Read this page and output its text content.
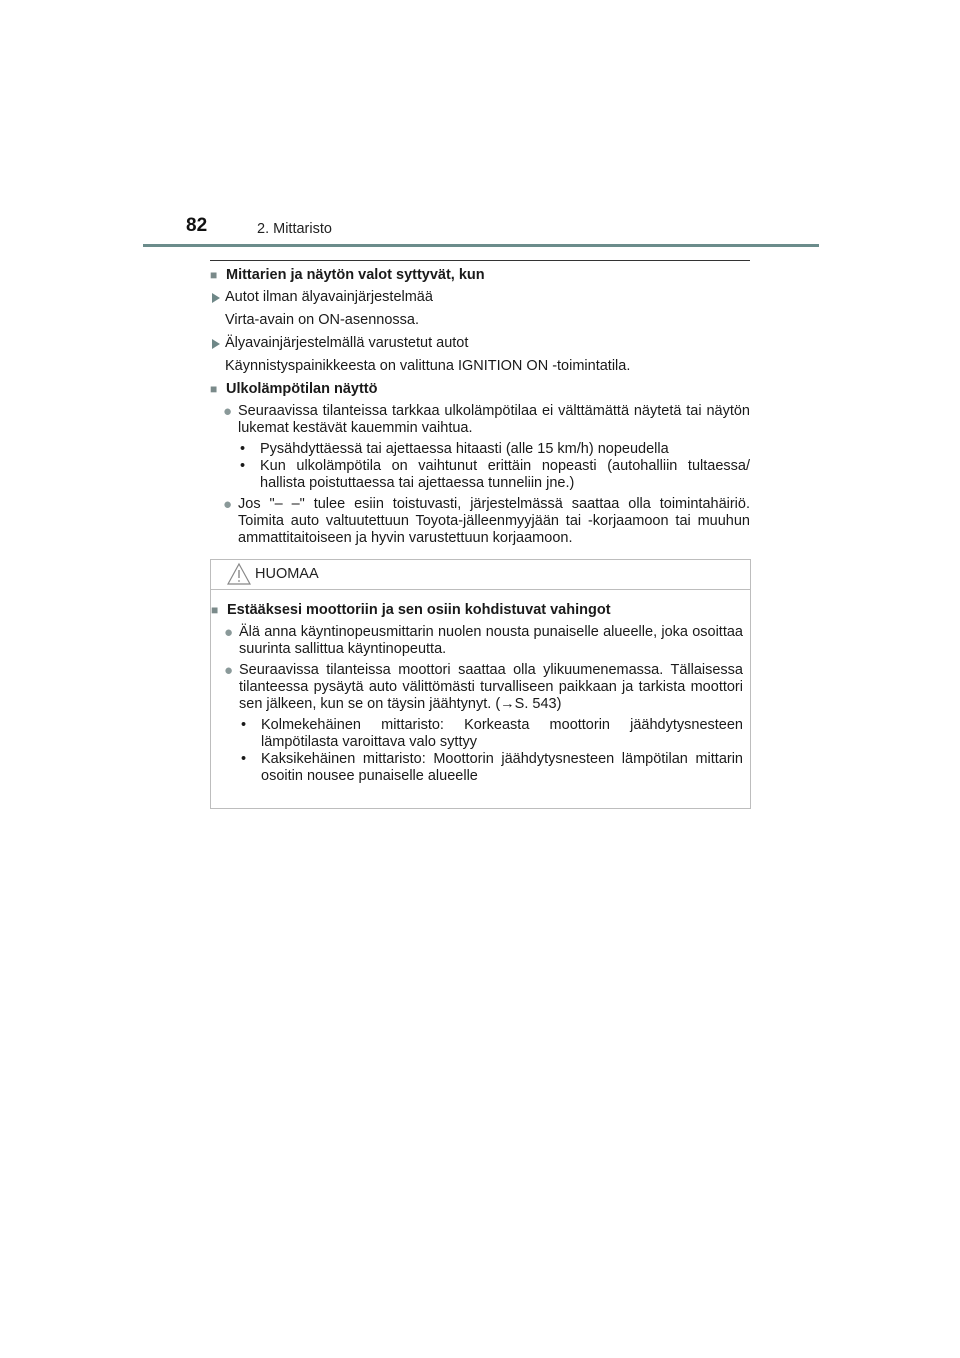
82	2. Mittaristo
■ Mittarien ja näytön valot syttyvät, kun
Autot ilman älyavainjärjestelmää
Virta-avain on ON-asennossa.
Älyavainjärjestelmällä varustetut autot
Käynnistyspainikkeesta on valittuna IGNITION ON -toimintatila.
■ Ulkolämpötilan näyttö
● Seuraavissa tilanteissa tarkkaa ulkolämpötilaa ei välttämättä näytetä tai näytön lukemat kestävät kauemmin vaihtua.
• Pysähdyttäessä tai ajettaessa hitaasti (alle 15 km/h) nopeudella
• Kun ulkolämpötila on vaihtunut erittäin nopeasti (autohalliin tultaessa/ hallista poistuttaessa tai ajettaessa tunneliin jne.)
● Jos "– –" tulee esiin toistuvasti, järjestelmässä saattaa olla toimintahäiriö. Toimita auto valtuutettuun Toyota-jälleenmyyjään tai -korjaamoon tai muuhun ammattitaitoiseen ja hyvin varustettuun korjaamoon.
HUOMAA
■ Estääksesi moottoriin ja sen osiin kohdistuvat vahingot
● Älä anna käyntinopeusmittarin nuolen nousta punaiselle alueelle, joka osoittaa suurinta sallittua käyntinopeutta.
● Seuraavissa tilanteissa moottori saattaa olla ylikuumenemassa. Tällaisessa tilanteessa pysäytä auto välittömästi turvalliseen paikkaan ja tarkista moottori sen jälkeen, kun se on täysin jäähtynyt. (→S. 543)
• Kolmekehäinen mittaristo: Korkeasta moottorin jäähdytysnesteen lämpötilasta varoittava valo syttyy
• Kaksikehäinen mittaristo: Moottorin jäähdytysnesteen lämpötilan mittarin osoitin nousee punaiselle alueelle
